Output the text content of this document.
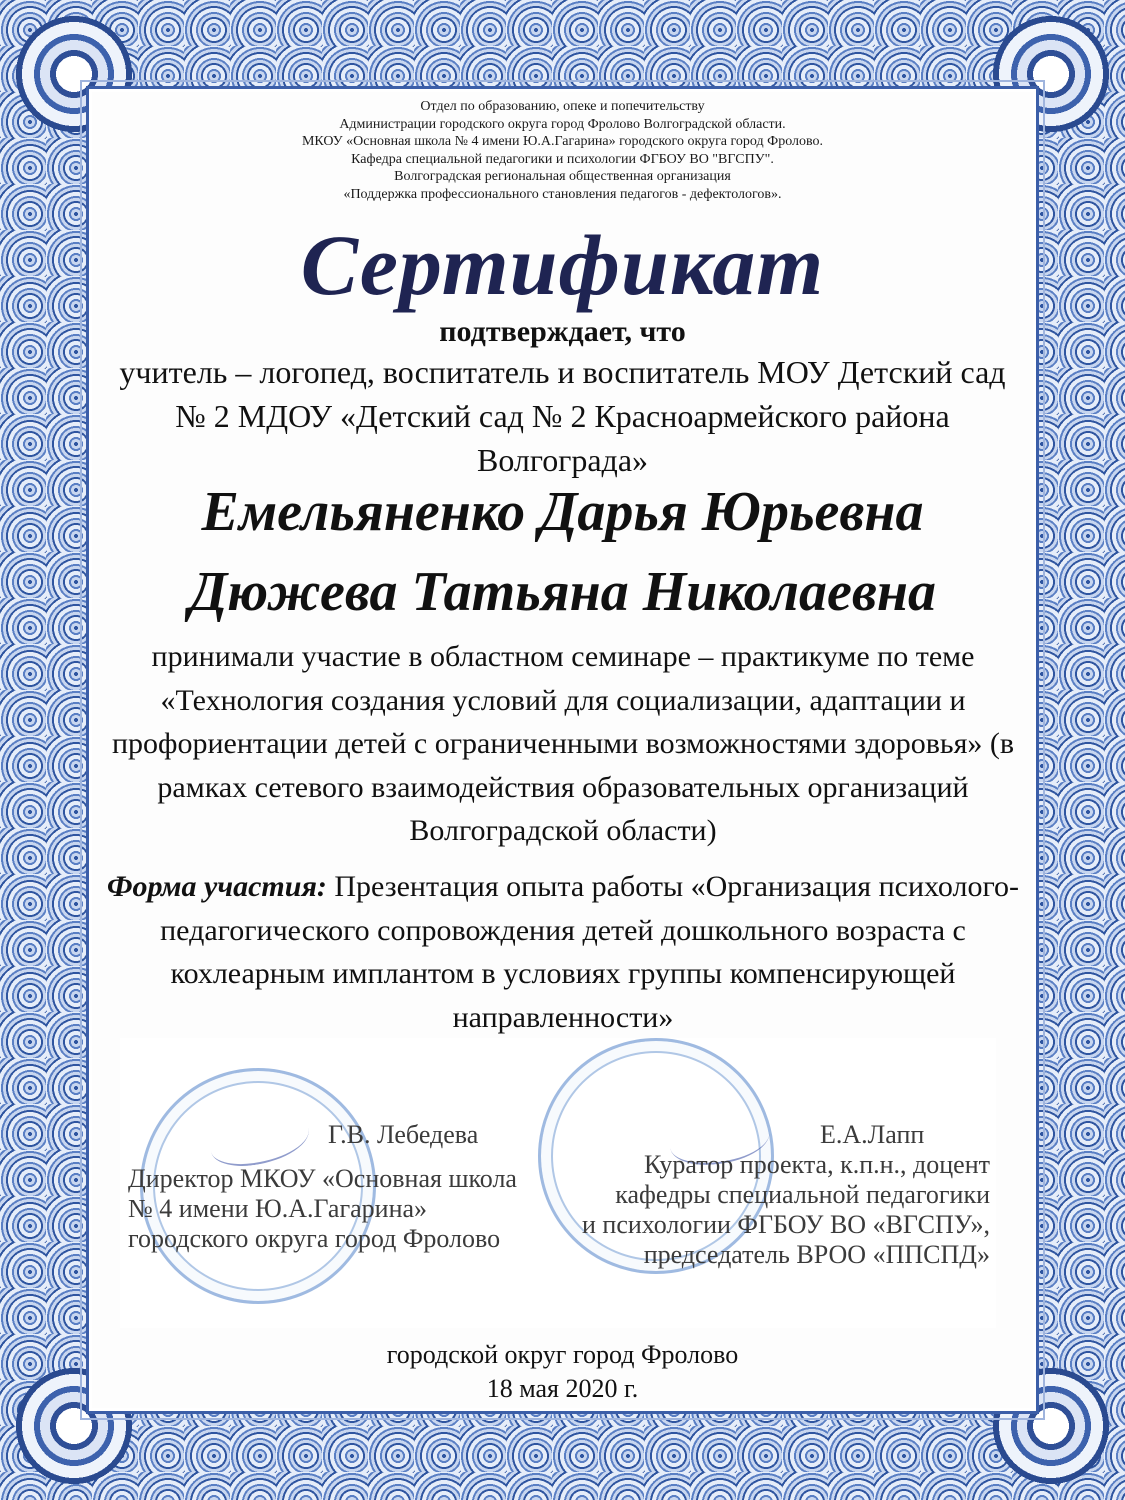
Отдел по образованию, опеке и попечительству
Администрации городского округа город Фролово Волгоградской области.
МКОУ «Основная школа № 4 имени Ю.А.Гагарина» городского округа город Фролово.
Кафедра специальной педагогики и психологии ФГБОУ ВО "ВГСПУ".
Волгоградская региональная общественная организация
«Поддержка профессионального становления педагогов - дефектологов».
Сертификат
подтверждает, что
учитель – логопед, воспитатель и воспитатель МОУ Детский сад № 2 МДОУ «Детский сад № 2 Красноармейского района Волгограда»
Емельяненко Дарья Юрьевна
Дюжева Татьяна Николаевна
принимали участие в областном семинаре – практикуме по теме «Технология создания условий для социализации, адаптации и профориентации детей с ограниченными возможностями здоровья» (в рамках сетевого взаимодействия образовательных организаций Волгоградской области)
Форма участия: Презентация опыта работы «Организация психолого-педагогического сопровождения детей дошкольного возраста с кохлеарным имплантом в условиях группы компенсирующей направленности»
Г.В. Лебедева	Е.А.Лапп
Директор МКОУ «Основная школа
№ 4 имени Ю.А.Гагарина»
городского округа город Фролово
Куратор проекта, к.п.н., доцент
кафедры специальной педагогики
и психологии ФГБОУ ВО «ВГСПУ»,
председатель ВРОО «ППСПД»
городской округ город Фролово
18 мая 2020 г.
